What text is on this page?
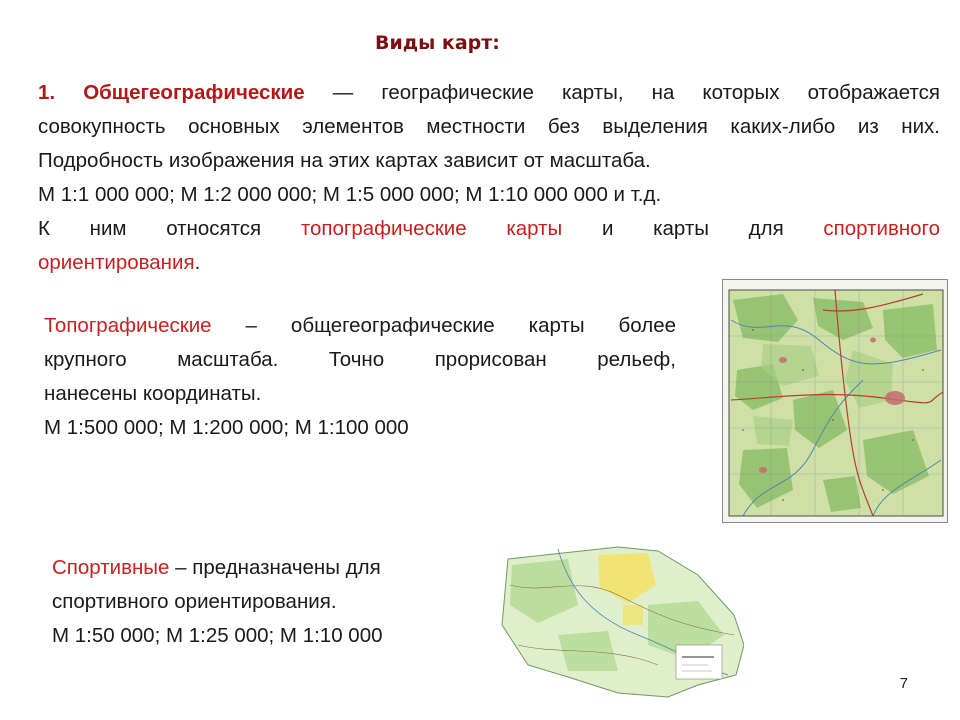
Виды карт:
1. Общегеографические — географические карты, на которых отображается
совокупность основных элементов местности без выделения каких-либо из них.
Подробность изображения на этих картах зависит от масштаба.
М 1:1 000 000; М 1:2 000 000; М 1:5 000 000; М 1:10 000 000 и т.д.
К ним относятся топографические карты и карты для спортивного
ориентирования.
Топографические – общегеографические карты более
крупного масштаба. Точно прорисован рельеф,
нанесены координаты.
М 1:500 000; М 1:200 000; М 1:100 000
Спортивные – предназначены для
спортивного ориентирования.
М 1:50 000; М 1:25 000; М 1:10 000
7
